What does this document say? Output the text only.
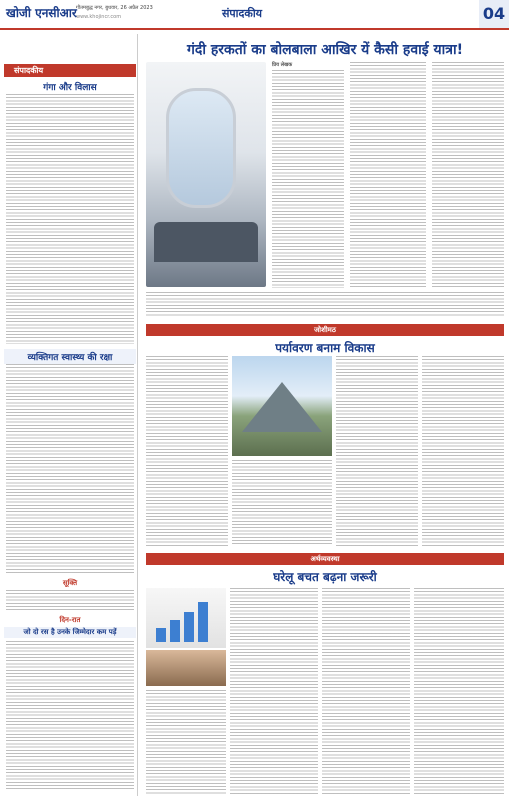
खोजी एनसीआर गौतमबुद्ध नगर, बुधवार, 26 अप्रैल 2023
www.khojincr.com	संपादकीय	04
संपादकीय
गंगा और विलास
व्यक्तिगत स्वास्थ्य की रक्षा
सूक्ति
दिन-रात
जो दो रस है उनके जिम्मेदार कम पड़ें
गंदी हरकतों का बोलबाला आखिर यें कैसी हवाई यात्रा!
प्रिय लेखक
जोशीमठ
पर्यावरण बनाम विकास
अर्थव्यवस्था
घरेलू बचत बढ़ना जरूरी
